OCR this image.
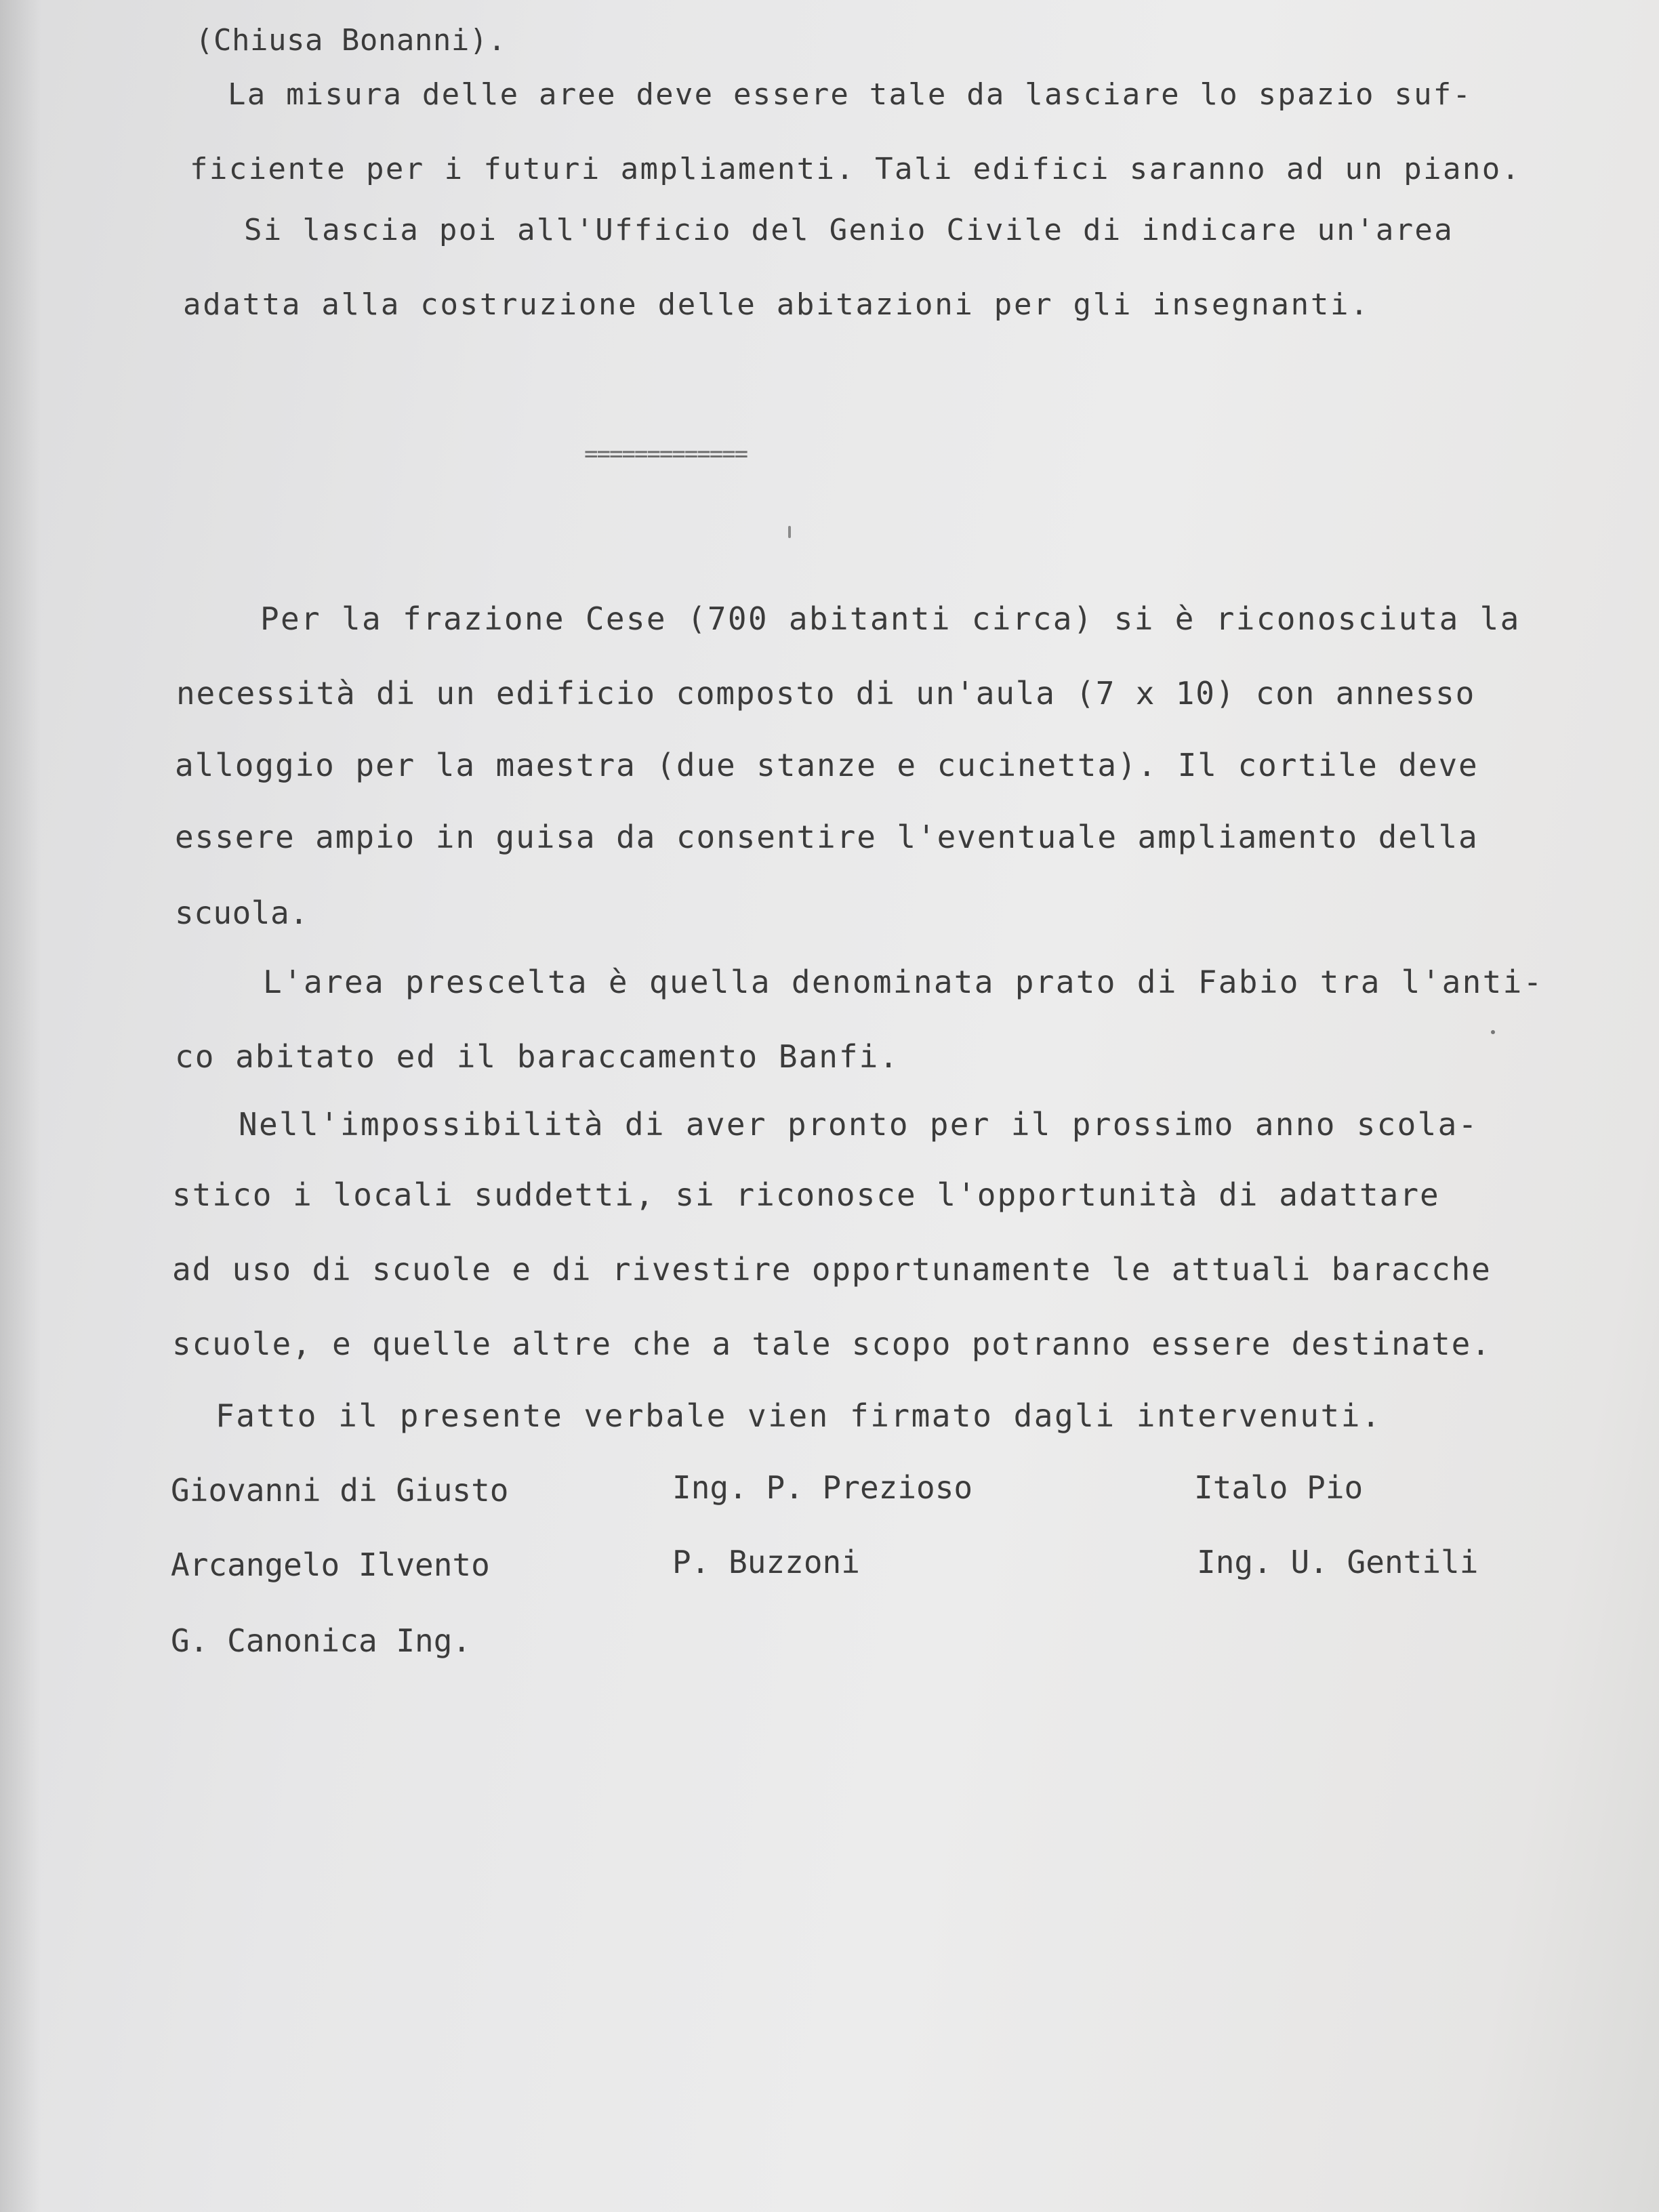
(Chiusa Bonanni).
La misura delle aree deve essere tale da lasciare lo spazio suf-
ficiente per i futuri ampliamenti. Tali edifici saranno ad un piano.
Si lascia poi all'Ufficio del Genio Civile di indicare un'area
adatta alla costruzione delle abitazioni per gli insegnanti.
=============
Per la frazione Cese (700 abitanti circa) si è riconosciuta la
necessità di un edificio composto di un'aula (7 x 10) con annesso
alloggio per la maestra (due stanze e cucinetta). Il cortile deve
essere ampio in guisa da consentire l'eventuale ampliamento della
scuola.
L'area prescelta è quella denominata prato di Fabio tra l'anti-
co abitato ed il baraccamento Banfi.
Nell'impossibilità di aver pronto per il prossimo anno scola-
stico i locali suddetti, si riconosce l'opportunità di adattare
ad uso di scuole e di rivestire opportunamente le attuali baracche
scuole, e quelle altre che a tale scopo potranno essere destinate.
Fatto il presente verbale vien firmato dagli intervenuti.
Giovanni di Giusto	Ing. P. Prezioso	Italo Pio
Arcangelo Ilvento	P. Buzzoni	Ing. U. Gentili
G. Canonica Ing.
